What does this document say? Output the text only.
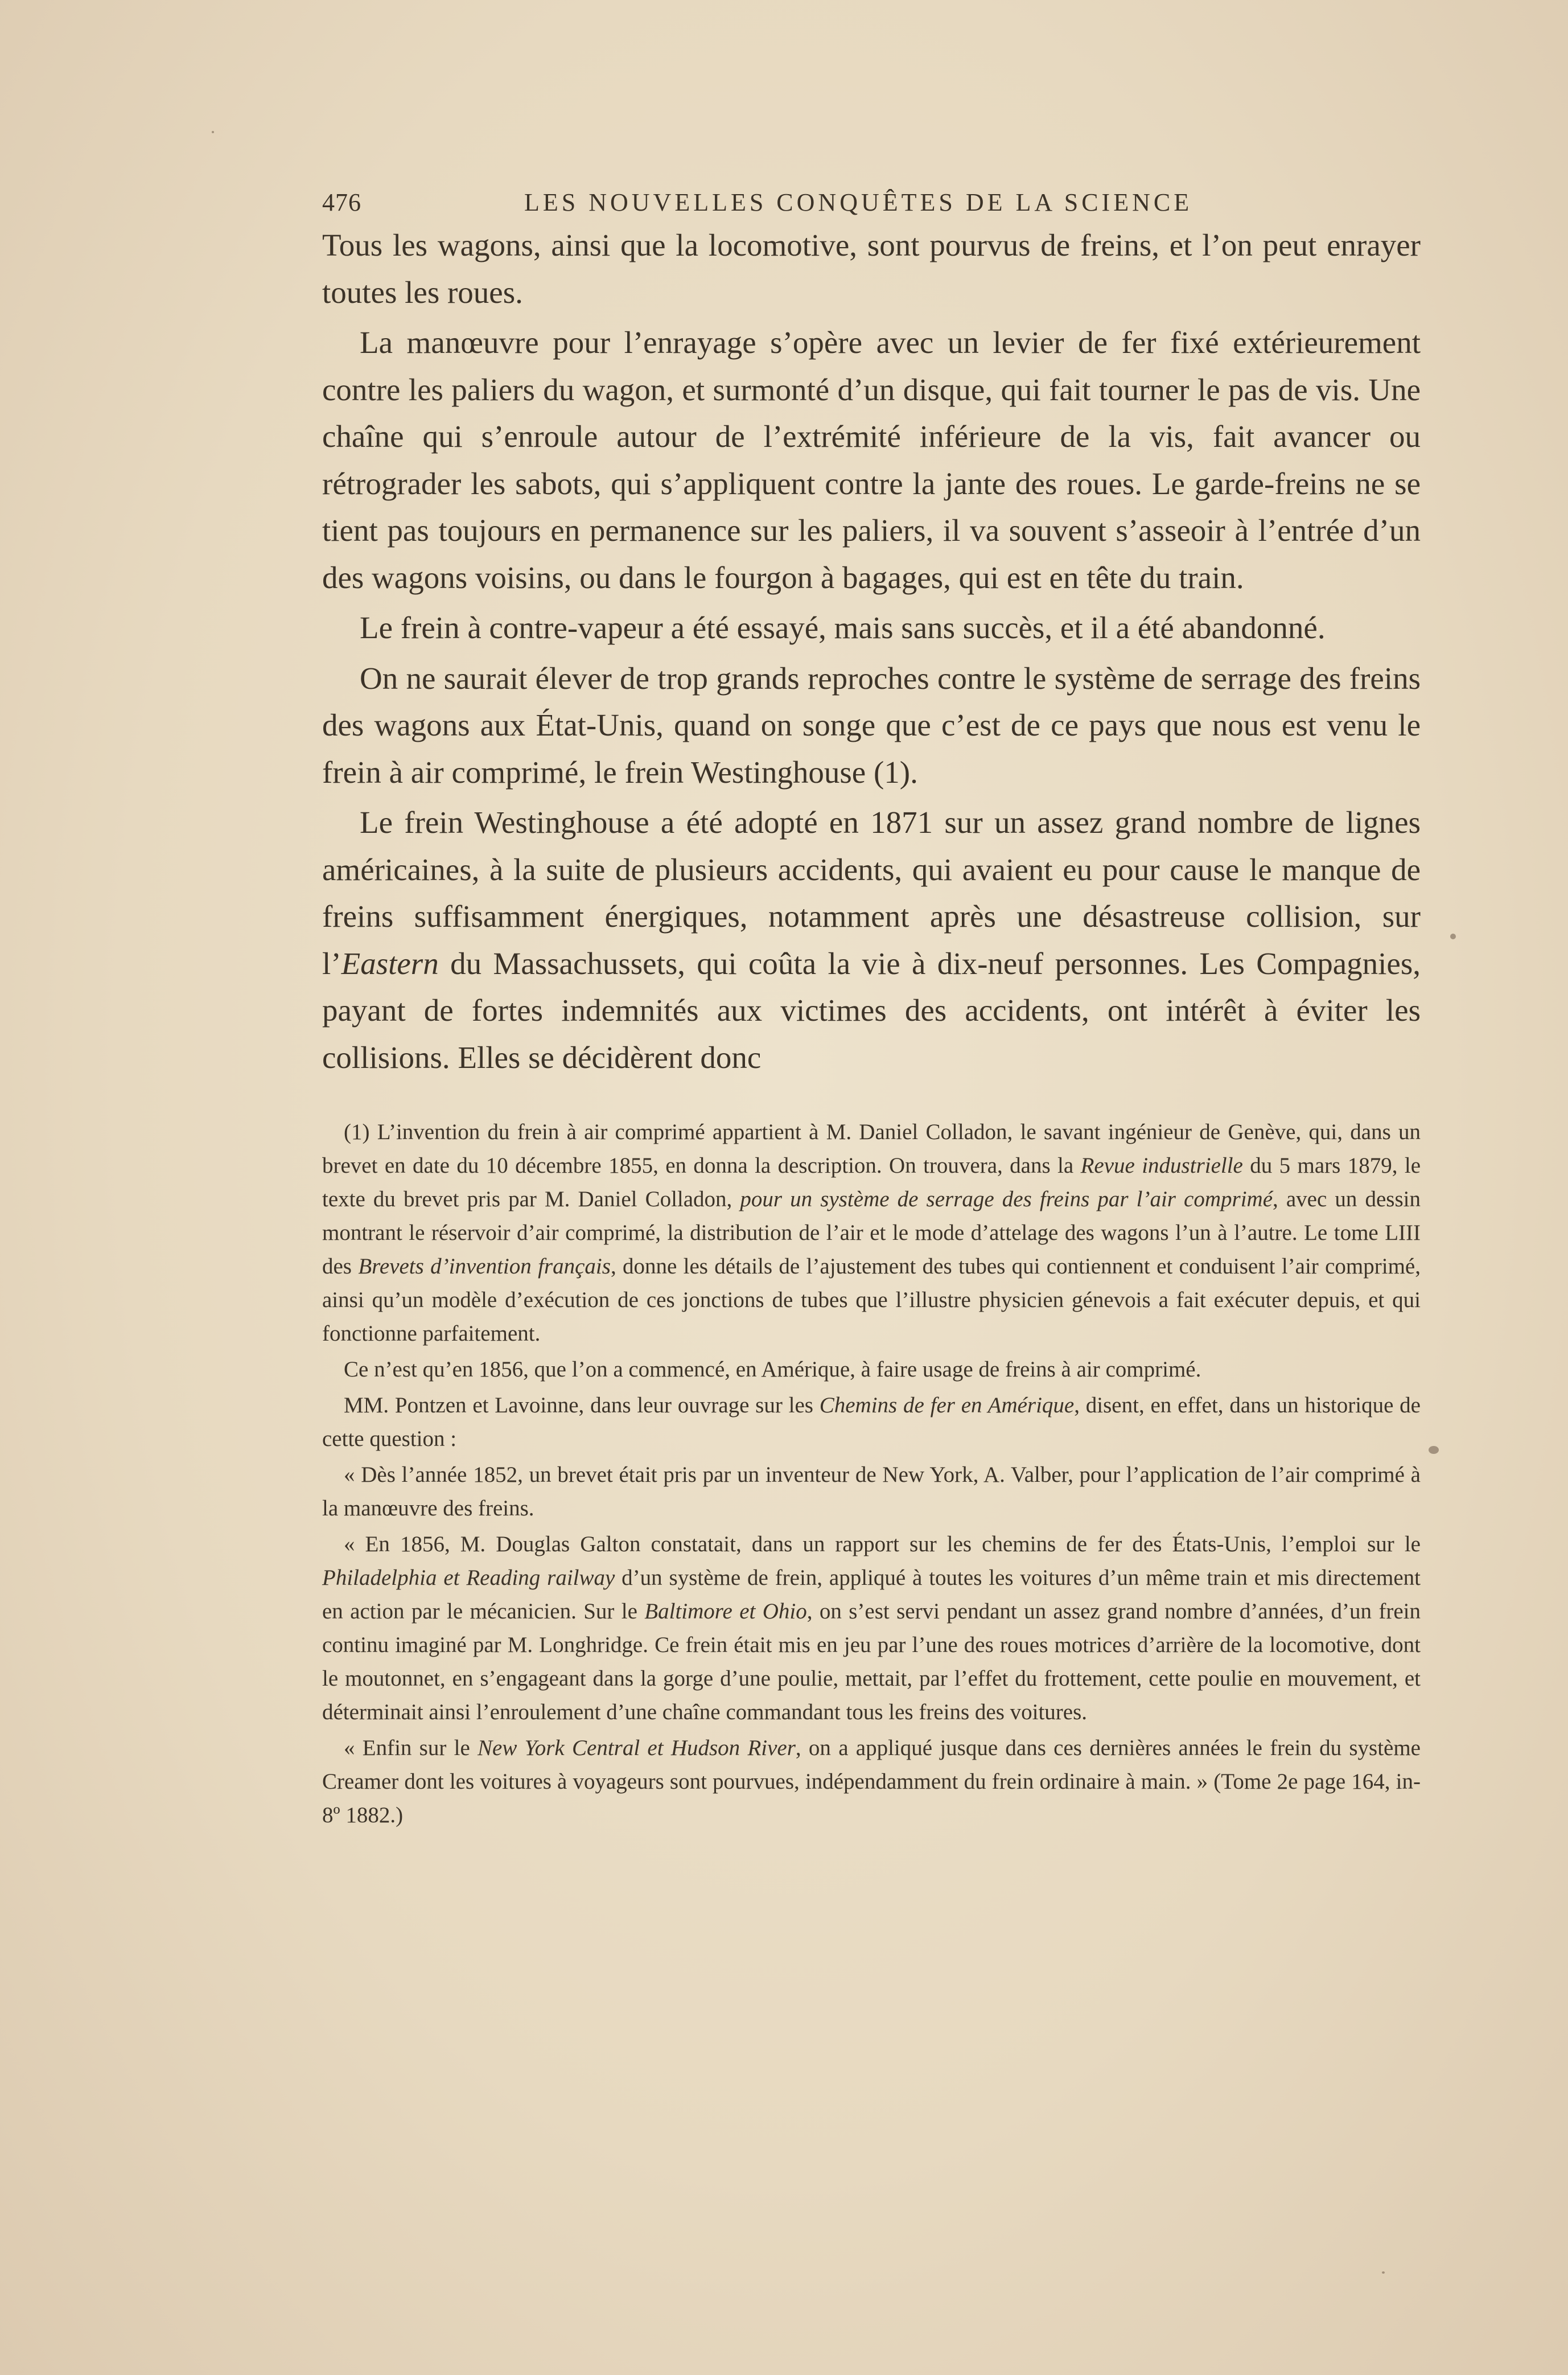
476	LES NOUVELLES CONQUÊTES DE LA SCIENCE

Tous les wagons, ainsi que la locomotive, sont pourvus de freins, et l’on peut enrayer toutes les roues.

La manœuvre pour l’enrayage s’opère avec un levier de fer fixé extérieurement contre les paliers du wagon, et surmonté d’un disque, qui fait tourner le pas de vis. Une chaîne qui s’enroule autour de l’extrémité inférieure de la vis, fait avancer ou rétrograder les sabots, qui s’appliquent contre la jante des roues. Le garde-freins ne se tient pas toujours en permanence sur les paliers, il va souvent s’asseoir à l’entrée d’un des wagons voisins, ou dans le fourgon à bagages, qui est en tête du train.

Le frein à contre-vapeur a été essayé, mais sans succès, et il a été abandonné.

On ne saurait élever de trop grands reproches contre le système de serrage des freins des wagons aux État-Unis, quand on songe que c’est de ce pays que nous est venu le frein à air comprimé, le frein Westinghouse (1).

Le frein Westinghouse a été adopté en 1871 sur un assez grand nombre de lignes américaines, à la suite de plusieurs accidents, qui avaient eu pour cause le manque de freins suffisamment énergiques, notamment après une désastreuse collision, sur l’Eastern du Massachussets, qui coûta la vie à dix-neuf personnes. Les Compagnies, payant de fortes indemnités aux victimes des accidents, ont intérêt à éviter les collisions. Elles se décidèrent donc

(1) L’invention du frein à air comprimé appartient à M. Daniel Colladon, le savant ingénieur de Genève, qui, dans un brevet en date du 10 décembre 1855, en donna la description. On trouvera, dans la Revue industrielle du 5 mars 1879, le texte du brevet pris par M. Daniel Colladon, pour un système de serrage des freins par l’air comprimé, avec un dessin montrant le réservoir d’air comprimé, la distribution de l’air et le mode d’attelage des wagons l’un à l’autre. Le tome LIII des Brevets d’invention français, donne les détails de l’ajustement des tubes qui contiennent et conduisent l’air comprimé, ainsi qu’un modèle d’exécution de ces jonctions de tubes que l’illustre physicien génevois a fait exécuter depuis, et qui fonctionne parfaitement.

Ce n’est qu’en 1856, que l’on a commencé, en Amérique, à faire usage de freins à air comprimé.

MM. Pontzen et Lavoinne, dans leur ouvrage sur les Chemins de fer en Amérique, disent, en effet, dans un historique de cette question :

« Dès l’année 1852, un brevet était pris par un inventeur de New York, A. Valber, pour l’application de l’air comprimé à la manœuvre des freins.

« En 1856, M. Douglas Galton constatait, dans un rapport sur les chemins de fer des États-Unis, l’emploi sur le Philadelphia et Reading railway d’un système de frein, appliqué à toutes les voitures d’un même train et mis directement en action par le mécanicien. Sur le Baltimore et Ohio, on s’est servi pendant un assez grand nombre d’années, d’un frein continu imaginé par M. Longhridge. Ce frein était mis en jeu par l’une des roues motrices d’arrière de la locomotive, dont le moutonnet, en s’engageant dans la gorge d’une poulie, mettait, par l’effet du frottement, cette poulie en mouvement, et déterminait ainsi l’enroulement d’une chaîne commandant tous les freins des voitures.

« Enfin sur le New York Central et Hudson River, on a appliqué jusque dans ces dernières années le frein du système Creamer dont les voitures à voyageurs sont pourvues, indépendamment du frein ordinaire à main. » (Tome 2e page 164, in-8º 1882.)
